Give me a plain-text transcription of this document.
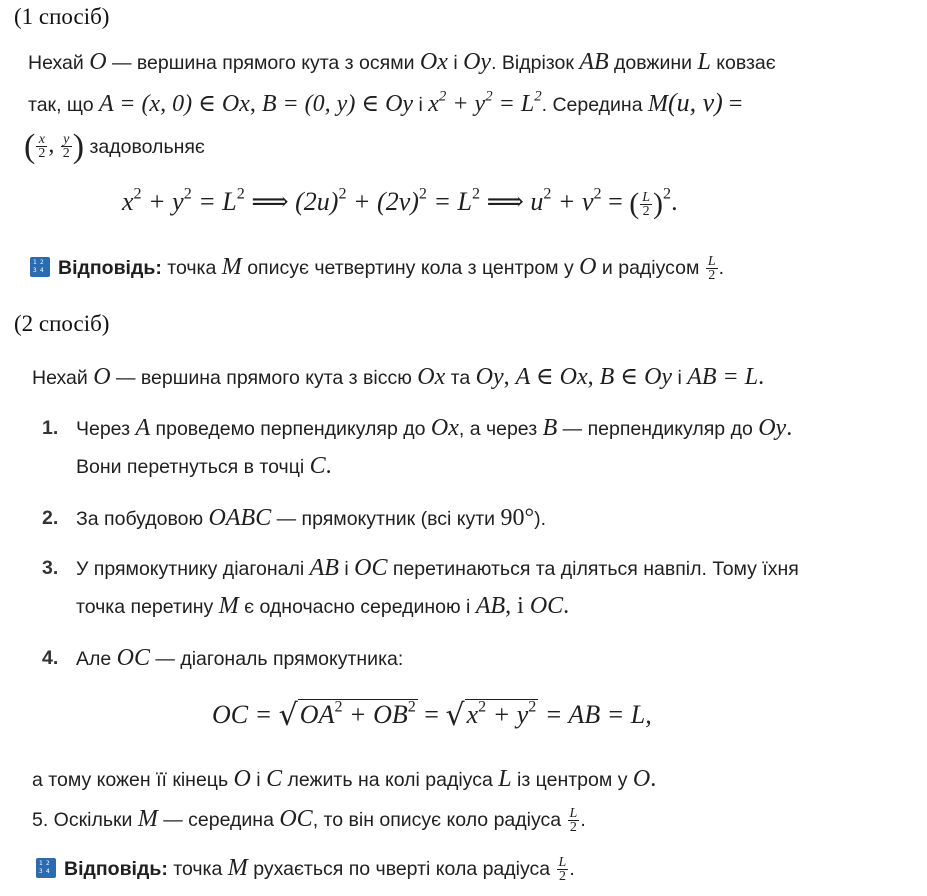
(1 спосіб)
Нехай O — вершина прямого кута з осями Ox і Oy. Відрізок AB довжини L ковзає
так, що A = (x, 0) ∈ Ox, B = (0, y) ∈ Oy і $x^2 + y^2 = L^2$. Середина M(u, v) =
( $\frac{x}{2}$ , $\frac{y}{2}$ ) задовольняє
$x^2 + y^2 = L^2$ ⟹ $(2u)^2 + (2v)^2 = L^2$ ⟹ $u^2 + v^2$ = ( $\frac{L}{2} )^2$.
1 2
3 4 Відповідь: точка M описує четвертину кола з центром у O и радіусом $\frac{L}{2}$ .
(2 спосіб)
Нехай O — вершина прямого кута з віссю Ox та Oy, A ∈ Ox, B ∈ Oy і AB = L.
1. Через A проведемо перпендикуляр до Ox, а через B — перпендикуляр до Oy.
Вони перетнуться в точці C.
2. За побудовою OABC — прямокутник (всі кути 90°).
3. У прямокутнику діагоналі AB і OC перетинаються та діляться навпіл. Тому їхня
точка перетину M є одночасно серединою і AB, і OC.
4. Але OC — діагональ прямокутника:
OC = $√OA^2 + OB^2 = √x^2 + y^2$ = AB = L,
а тому кожен її кінець O і C лежить на колі радіуса L із центром у O.
5. Оскільки M — середина OC, то він описує коло радіуса $\frac{L}{2}$ .
1 2
3 4 Відповідь: точка M рухається по чверті кола радіуса $\frac{L}{2}$ .
